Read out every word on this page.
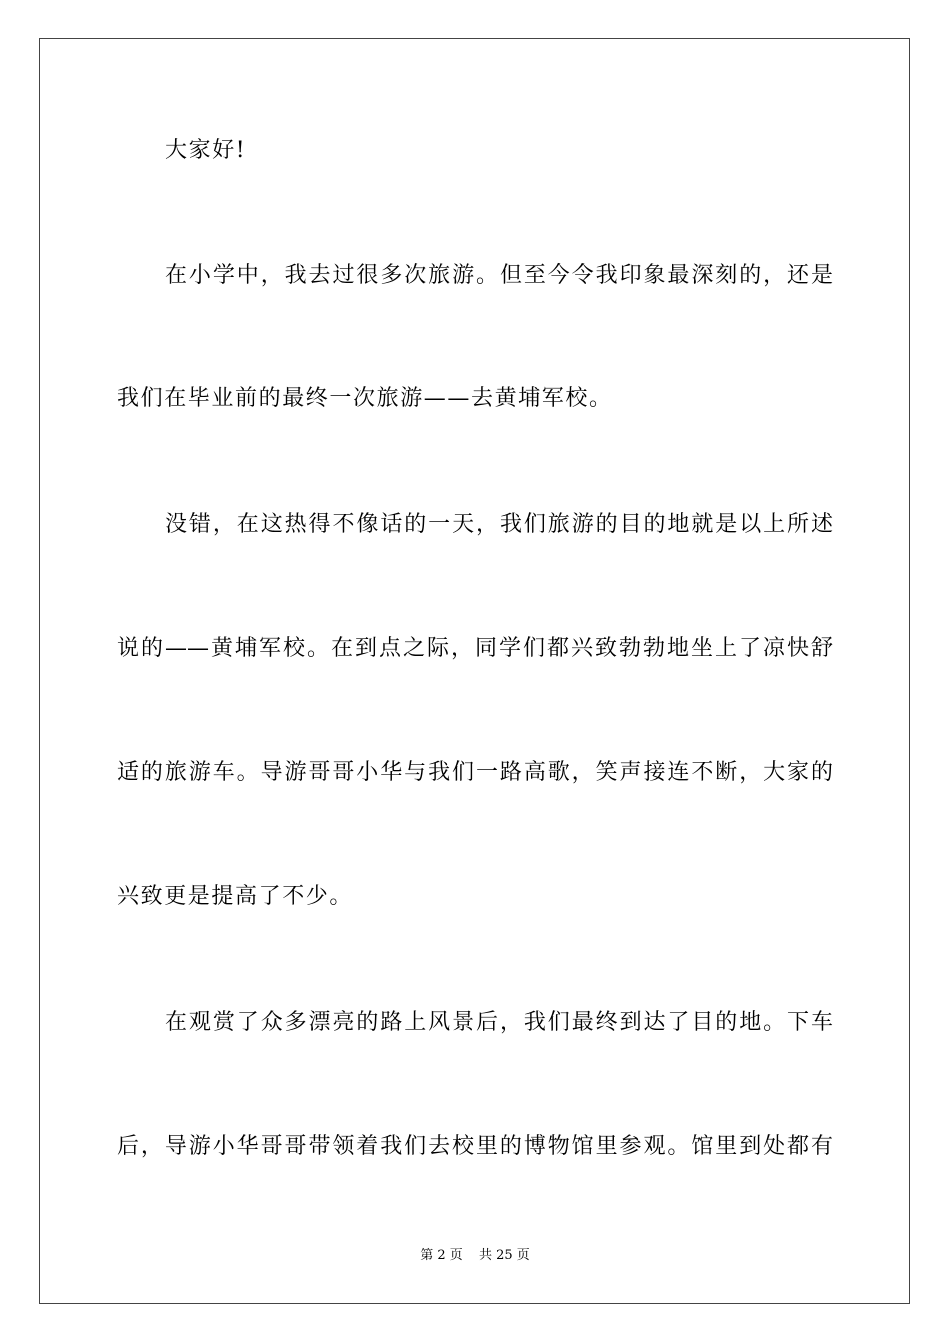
大家好!
在小学中，我去过很多次旅游。但至今令我印象最深刻的，还是
我们在毕业前的最终一次旅游——去黄埔军校。
没错，在这热得不像话的一天，我们旅游的目的地就是以上所述
说的——黄埔军校。在到点之际，同学们都兴致勃勃地坐上了凉快舒
适的旅游车。导游哥哥小华与我们一路高歌，笑声接连不断，大家的
兴致更是提高了不少。
在观赏了众多漂亮的路上风景后，我们最终到达了目的地。下车
后，导游小华哥哥带领着我们去校里的博物馆里参观。馆里到处都有
第 2 页 共 25 页
